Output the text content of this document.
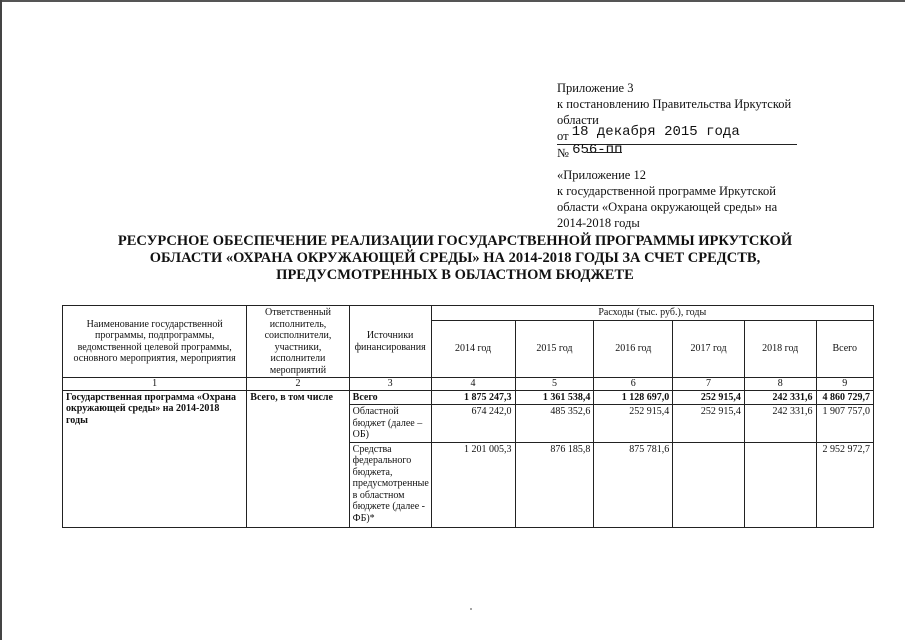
Приложение 3
к постановлению Правительства Иркутской
области
от 18 декабря 2015 года
№ 656-пп
«Приложение 12
к государственной программе Иркутской
области «Охрана окружающей среды» на
2014-2018 годы
РЕСУРСНОЕ ОБЕСПЕЧЕНИЕ РЕАЛИЗАЦИИ ГОСУДАРСТВЕННОЙ ПРОГРАММЫ ИРКУТСКОЙ
ОБЛАСТИ «ОХРАНА ОКРУЖАЮЩЕЙ СРЕДЫ» НА 2014-2018 ГОДЫ ЗА СЧЕТ СРЕДСТВ,
ПРЕДУСМОТРЕННЫХ В ОБЛАСТНОМ БЮДЖЕТЕ
Наименование государственной программы, подпрограммы, ведомственной целевой программы, основного мероприятия, мероприятия	Ответственный исполнитель, соисполнители, участники, исполнители мероприятий	Источники финансирования	Расходы (тыс. руб.), годы					
			2014 год	2015 год	2016 год	2017 год	2018 год	Всего
1	2	3	4	5	6	7	8	9
Государственная программа «Охрана окружающей среды» на 2014-2018 годы	Всего, в том числе	Всего	1 875 247,3	1 361 538,4	1 128 697,0	252 915,4	242 331,6	4 860 729,7
		Областной бюджет (далее – ОБ)	674 242,0	485 352,6	252 915,4	252 915,4	242 331,6	1 907 757,0
		Средства федерального бюджета, предусмотренные в областном бюджете (далее - ФБ)*	1 201 005,3	876 185,8	875 781,6			2 952 972,7
